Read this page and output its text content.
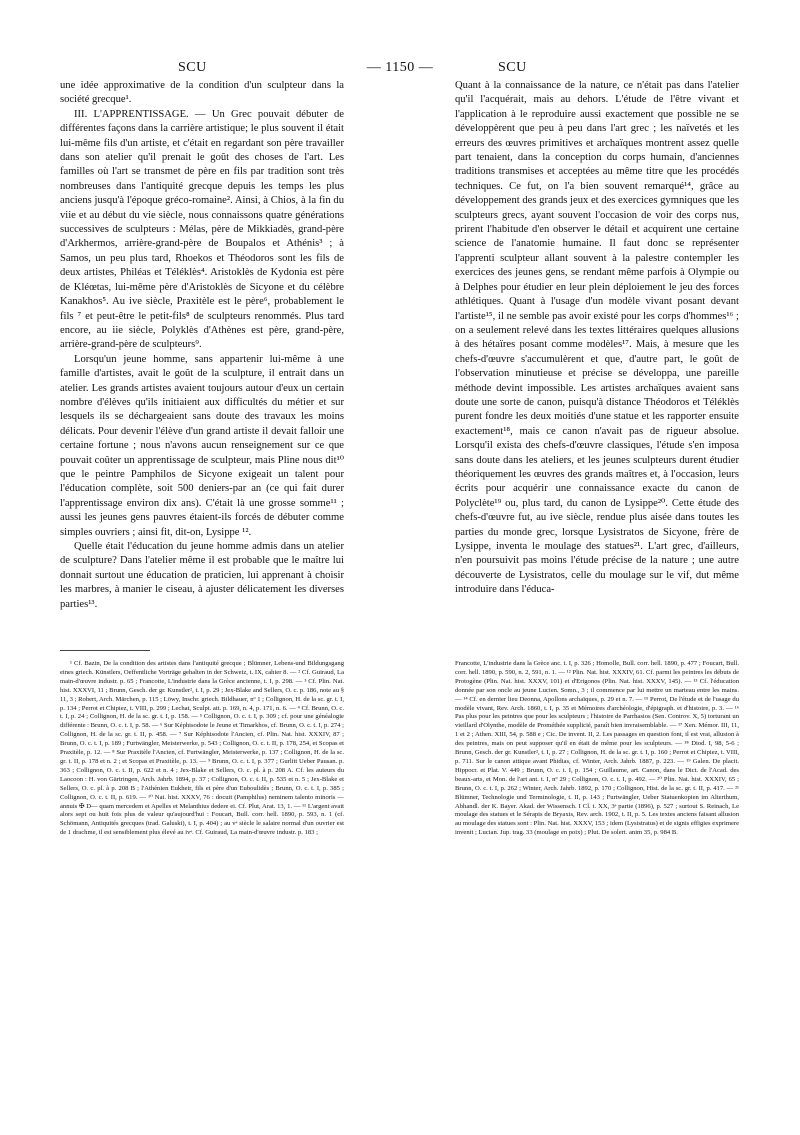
SCU	— 1150 —	SCU

une idée approximative de la condition d'un sculpteur dans la société grecque¹.

III. L'APPRENTISSAGE. — Un Grec pouvait débuter de différentes façons dans la carrière artistique; le plus souvent il était lui-même fils d'un artiste, et c'était en regardant son père travailler dans son atelier qu'il prenait le goût des choses de l'art. Les familles où l'art se transmet de père en fils par tradition sont très nombreuses dans l'antiquité grecque depuis les temps les plus anciens jusqu'à l'époque gréco-romaine². Ainsi, à Chios, à la fin du viie et au début du vie siècle, nous connaissons quatre générations successives de sculpteurs : Mélas, père de Mikkiadès, grand-père d'Arkhermos, arrière-grand-père de Boupalos et Athénis³ ; à Samos, un peu plus tard, Rhoekos et Théodoros sont les fils de deux artistes, Philéas et Téléklès⁴. Aristoklès de Kydonia est père de Kléœtas, lui-même père d'Aristoklès de Sicyone et du célèbre Kanakhos⁵. Au ive siècle, Praxitèle est le père⁶, probablement le fils ⁷ et peut-être le petit-fils⁸ de sculpteurs renommés. Plus tard encore, au iie siècle, Polyklès d'Athènes est père, grand-père, arrière-grand-père de sculpteurs⁹.

Lorsqu'un jeune homme, sans appartenir lui-même à une famille d'artistes, avait le goût de la sculpture, il entrait dans un atelier. Les grands artistes avaient toujours autour d'eux un certain nombre d'élèves qu'ils initiaient aux difficultés du métier et sur lesquels ils se déchargeaient sans doute des travaux les moins délicats. Pour devenir l'élève d'un grand artiste il devait falloir une certaine fortune ; nous n'avons aucun renseignement sur ce que pouvait coûter un apprentissage de sculpteur, mais Pline nous dit¹⁰ que le peintre Pamphilos de Sicyone exigeait un talent pour l'éducation complète, soit 500 deniers-par an (ce qui fait durer l'apprentissage environ dix ans). C'était là une grosse somme¹¹ ; aussi les jeunes gens pauvres étaient-ils forcés de débuter comme simples ouvriers ; ainsi fit, dit-on, Lysippe ¹².

Quelle était l'éducation du jeune homme admis dans un atelier de sculpture? Dans l'atelier même il est probable que le maître lui donnait surtout une éducation de praticien, lui apprenant à choisir les marbres, à manier le ciseau, à ajuster délicatement les diverses parties¹³.

Quant à la connaissance de la nature, ce n'était pas dans l'atelier qu'il l'acquérait, mais au dehors. L'étude de l'être vivant et l'application à le reproduire aussi exactement que possible ne se développèrent que peu à peu dans l'art grec ; les naïvetés et les erreurs des œuvres primitives et archaïques montrent assez quelle part tenaient, dans la conception du corps humain, d'anciennes traditions transmises et acceptées au même titre que les procédés techniques. Ce fut, on l'a bien souvent remarqué¹⁴, grâce au développement des grands jeux et des exercices gymniques que les sculpteurs grecs, ayant souvent l'occasion de voir des corps nus, prirent l'habitude d'en observer le détail et acquirent une certaine science de l'anatomie humaine. Il faut donc se représenter l'apprenti sculpteur allant souvent à la palestre contempler les exercices des jeunes gens, se rendant même parfois à Olympie ou à Delphes pour étudier en leur plein déploiement le jeu des forces athlétiques. Quant à l'usage d'un modèle vivant posant devant l'artiste¹⁵, il ne semble pas avoir existé pour les corps d'hommes¹⁶ ; on a seulement relevé dans les textes littéraires quelques allusions à des hétaïres posant comme modèles¹⁷. Mais, à mesure que les chefs-d'œuvre s'accumulèrent et que, d'autre part, le goût de l'observation minutieuse et précise se développa, une pareille méthode devint impossible. Les artistes archaïques avaient sans doute une sorte de canon, puisqu'à distance Théodoros et Téléklès purent fondre les deux moitiés d'une statue et les rapporter ensuite exactement¹⁸, mais ce canon n'avait pas de rigueur absolue. Lorsqu'il exista des chefs-d'œuvre classiques, l'étude s'en imposa sans doute dans les ateliers, et les jeunes sculpteurs durent étudier théoriquement les œuvres des grands maîtres et, à l'occasion, leurs écrits pour acquérir une connaissance exacte du canon de Polyclète¹⁹ ou, plus tard, du canon de Lysippe²⁰. Cette étude des chefs-d'œuvre fut, au ive siècle, rendue plus aisée dans toutes les parties du monde grec, lorsque Lysistratos de Sicyone, frère de Lysippe, inventa le moulage des statues²¹. L'art grec, d'ailleurs, n'en poursuivit pas moins l'étude précise de la nature ; une autre découverte de Lysistratos, celle du moulage sur le vif, dut même introduire dans l'éduca-

¹ Cf. Bazin, De la condition des artistes dans l'antiquité grecque ; Blümner, Lebens-und Bildungsgang eines griech. Künstlers, Oeffentliche Vorträge gehalten in der Schweiz, t. IX, cahier 8. — ² Cf. Guiraud, La main-d'œuvre industr. p. 65 ; Francotte, L'industrie dans la Grèce ancienne, t. I, p. 298. — ³ Cf. Plin. Nat. hist. XXXVI, 11 ; Brunn, Gesch. der gr. Kunstler², t. I, p. 29 ; Jex-Blake and Sellers, O. c. p. 186, note au § 11, 3 ; Robert, Arch. Märchen, p. 115 ; Löwy, Inschr. griech. Bildhauer, nº 1 ; Collignon, H. de la sc. gr. t. I, p. 134 ; Perrot et Chipiez, t. VIII, p. 299 ; Lechat, Sculpt. att. p. 169, n. 4, p. 171, n. 6. — ⁴ Cf. Brunn, O. c. t. I, p. 24 ; Collignon, H. de la sc. gr. t. I, p. 158. — ⁵ Collignon, O. c. t. I, p. 309 ; cf. pour une généalogie différente : Brunn, O. c. t. I, p. 58. — ⁶ Sur Képhisodote le Jeune et Timarkhos, cf. Brunn, O. c. t. I, p. 274 ; Collignon, H. de la sc. gr. t. II, p. 458. — ⁷ Sur Képhisodote l'Ancien, cf. Plin. Nat. hist. XXXIV, 87 ; Brunn, O. c. t. I, p. 189 ; Furtwängler, Meisterwerke, p. 543 ; Collignon, O. c. t. II, p. 178, 254, et Scopas et Praxitèle, p. 12. — ⁸ Sur Praxitèle l'Ancien, cf. Furtwängler, Meisterwerke, p. 137 ; Collignon, H. de la sc. gr. t. II, p. 178 et n. 2 ; et Scopas et Praxitèle, p. 13. — ⁹ Brunn, O. c. t. I, p. 377 ; Gurlitt Ueber Pausan. p. 363 ; Collignon, O. c. t. II, p. 622 et n. 4 ; Jex-Blake et Sellers, O. c. pl. à p. 208 A. Cf. les auteurs du Laocoon : H. von Gärtringen, Arch. Jahrb. 1894, p. 37 ; Collignon, O. c. t. II, p. 535 et n. 5 ; Jex-Blake et Sellers, O. c. pl. à p. 208 B ; l'Athénien Eukheir, fils et père d'un Euboulidès ; Brunn, O. c. t. I, p. 385 ; Collignon, O. c. t. II, p. 619. — ¹⁰ Nat. hist. XXXV, 76 : docuit (Pamphilus) neminem talento minoris — annuis ✠ D— quam mercedem et Apelles et Melanthius dedere ei. Cf. Plut, Arat. 13, 1. — ¹¹ L'argent avait alors sept ou huit fois plus de valeur qu'aujourd'hui : Foucart, Bull. corr. hell. 1890, p. 593, n. 1 (cf. Schömann, Antiquités grecques (trad. Galuski), t. I, p. 404) ; au vᵉ siècle le salaire normal d'un ouvrier est de 1 drachme, il est sensiblement plus élevé au ivᵉ. Cf. Guiraud, La main-d'œuvre industr. p. 183 ;

Francotte, L'industrie dans la Grèce anc. t. I, p. 326 ; Homolle, Bull. corr. hell. 1890, p. 477 ; Foucart, Bull. corr. hell. 1890, p. 590, n. 2, 591, n. 1. — ¹² Plin. Nat. hist. XXXIV, 61. Cf. parmi les peintres les débuts de Protogène (Plin. Nat. hist. XXXV, 101) et d'Erigonos (Plin. Nat. hist. XXXV, 145). — ¹³ Cf. l'éducation donnée par son oncle au jeune Lucien. Somn., 3 ; il commence par lui mettre un marteau entre les mains. — ¹⁴ Cf. en dernier lieu Deonna, Apollons archaïques, p. 29 et n. 7. — ¹⁵ Perrot, De l'étude et de l'usage du modèle vivant, Rev. Arch. 1860, t. I, p. 35 et Mémoires d'archéologie, d'épigraph. et d'histoire, p. 3. — ¹⁶ Pas plus pour les peintres que pour les sculpteurs ; l'histoire de Parrhasios (Sen. Controv. X, 5) torturant un vieillard d'Olynthe, modèle de Prométhée supplicié, paraît bien invraisemblable. — ¹⁷ Xen. Mémor. III, 11, 1 et 2 ; Athen. XIII, 54, p. 588 e ; Cic. De invent. II, 2. Les passages en question font, il est vrai, allusion à des peintres, mais on peut supposer qu'il en était de même pour les sculpteurs. — ¹⁸ Diod. I, 98, 5-6 ; Brunn, Gesch. der gr. Kunstler², t. I, p. 27 ; Collignon, H. de la sc. gr. t. I, p. 160 ; Perrot et Chipiez, t. VIII, p. 711. Sur le canon attique avant Phidias, cf. Winter, Arch. Jahrb. 1887, p. 223. — ¹⁹ Galen. De placit. Hippocr. et Plat. V. 449 ; Brunn, O. c. t. I, p. 154 ; Guillaume, art. Canon, dans le Dict. de l'Acad. des beaux-arts, et Mon. de l'art ant. t. I, nº 29 ; Collignon, O. c. t. I, p. 492. — ²⁰ Plin. Nat. hist. XXXIV, 65 ; Brunn, O. c. t. I, p. 262 ; Winter, Arch. Jahrb. 1892, p. 170 ; Collignon, Hist. de la sc. gr. t. II, p. 417. — ²¹ Blümner, Technologie und Terminologie, t. II, p. 143 ; Furtwängler, Ueber Statuenkopien im Alterthum, Abhandl. der K. Bayer. Akad. der Wissensch. I Cl. t. XX, 3ᵉ partie (1896), p. 527 ; surtout S. Reinach, Le moulage des statues et le Sérapis de Bryaxis, Rev. arch. 1902, t. II, p. 5. Les textes anciens faisant allusion au moulage des statues sont : Plin. Nat. hist. XXXV, 153 ; idem (Lysistratus) et de signis effigies exprimere invenit ; Lucian. Jup. trag. 33 (moulage en poix) ; Plut. De solert. anim 35, p. 984 B.
